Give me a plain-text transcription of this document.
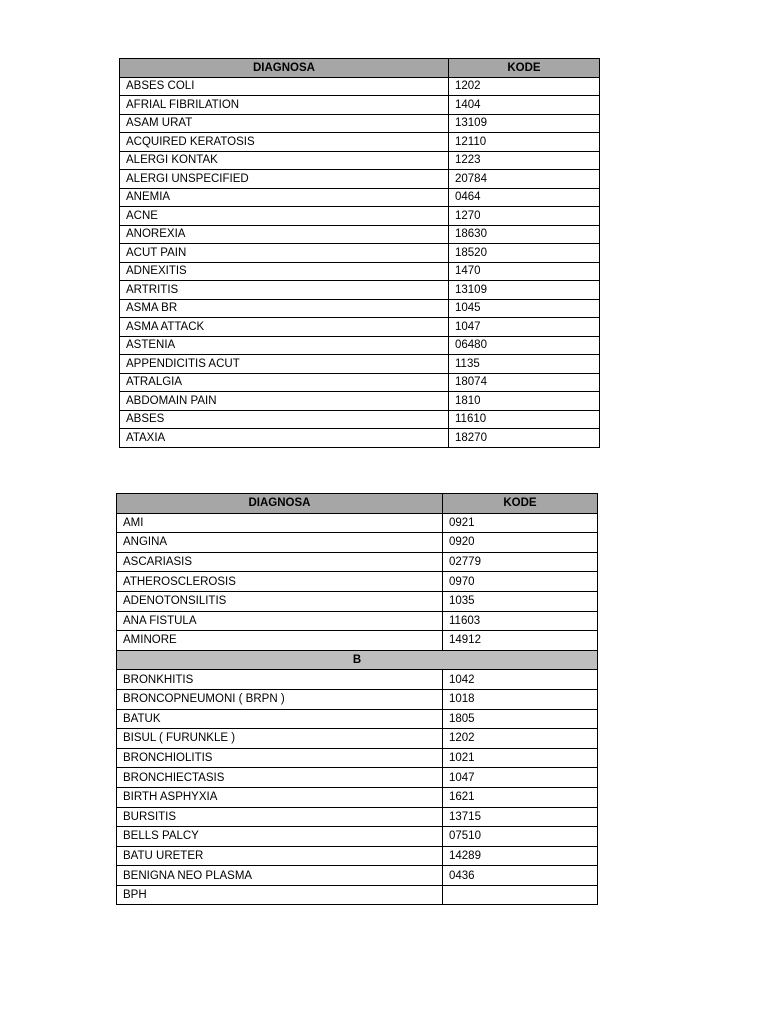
DIAGNOSA	KODE
ABSES COLI	1202
AFRIAL FIBRILATION	1404
ASAM URAT	13109
ACQUIRED KERATOSIS	12110
ALERGI KONTAK	1223
ALERGI UNSPECIFIED	20784
ANEMIA	0464
ACNE	1270
ANOREXIA	18630
ACUT PAIN	18520
ADNEXITIS	1470
ARTRITIS	13109
ASMA BR	1045
ASMA ATTACK	1047
ASTENIA	06480
APPENDICITIS ACUT	1135
ATRALGIA	18074
ABDOMAIN PAIN	1810
ABSES	11610
ATAXIA	18270
DIAGNOSA	KODE
AMI	0921
ANGINA	0920
ASCARIASIS	02779
ATHEROSCLEROSIS	0970
ADENOTONSILITIS	1035
ANA FISTULA	11603
AMINORE	14912
B	
BRONKHITIS	1042
BRONCOPNEUMONI ( BRPN )	1018
BATUK	1805
BISUL ( FURUNKLE )	1202
BRONCHIOLITIS	1021
BRONCHIECTASIS	1047
BIRTH ASPHYXIA	1621
BURSITIS	13715
BELLS PALCY	07510
BATU URETER	14289
BENIGNA NEO PLASMA	0436
BPH	
